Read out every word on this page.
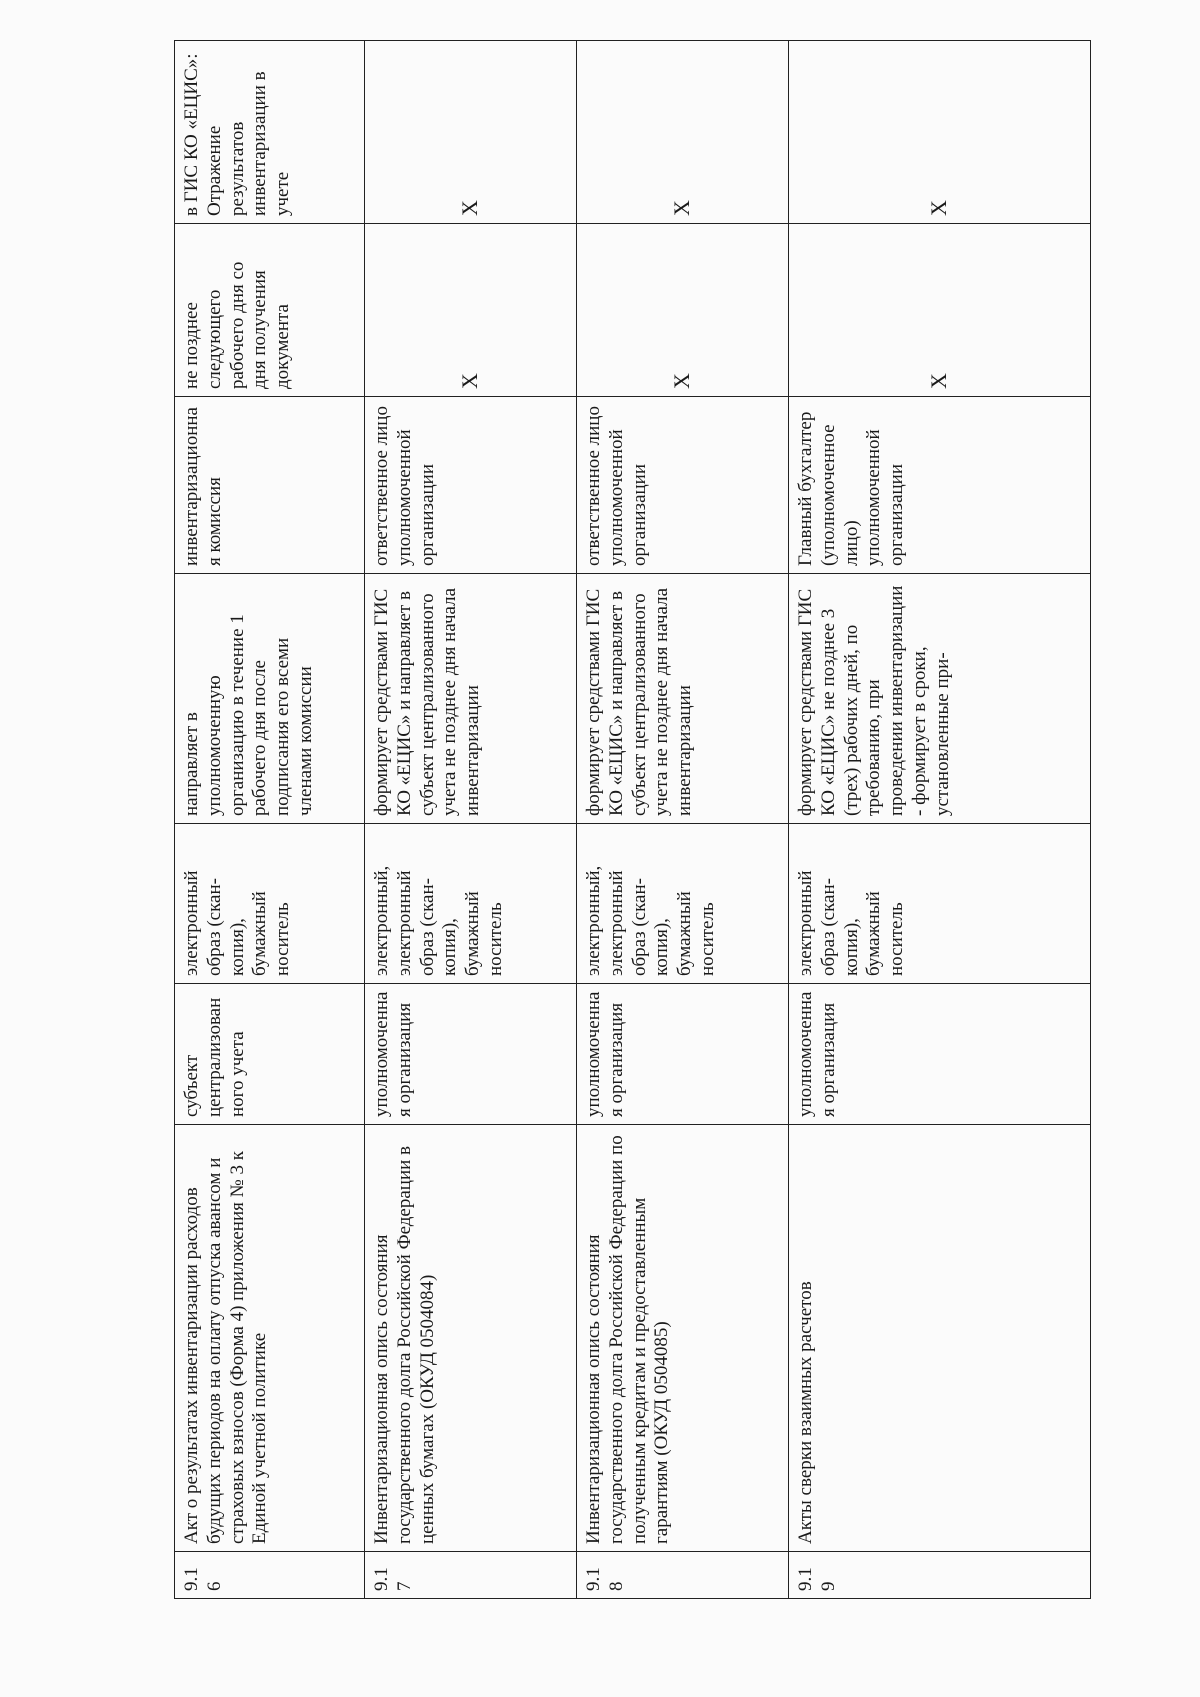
9.16	Акт о результатах инвентаризации расходов будущих периодов на оплату отпуска авансом и страховых взносов (Форма 4) приложения № 3 к Единой учетной политике	субъект централизованного учета	электронный образ (скан-копия), бумажный носитель	направляет в уполномоченную организацию в течение 1 рабочего дня после подписания его всеми членами комиссии	инвентаризационная комиссия	не позднее следующего рабочего дня со дня получения документа	в ГИС КО «ЕЦИС»: Отражение результатов инвентаризации в учете
9.17	Инвентаризационная опись состояния государственного долга Российской Федерации в ценных бумагах (ОКУД 0504084)	уполномоченная организация	электронный, электронный образ (скан-копия), бумажный носитель	формирует средствами ГИС КО «ЕЦИС» и направляет в субъект централизованного учета не позднее дня начала инвентаризации	ответственное лицо уполномоченной организации	X	X
9.18	Инвентаризационная опись состояния государственного долга Российской Федерации по полученным кредитам и предоставленным гарантиям (ОКУД 0504085)	уполномоченная организация	электронный, электронный образ (скан-копия), бумажный носитель	формирует средствами ГИС КО «ЕЦИС» и направляет в субъект централизованного учета не позднее дня начала инвентаризации	ответственное лицо уполномоченной организации	X	X
9.19	Акты сверки взаимных расчетов	уполномоченная организация	электронный образ (скан-копия), бумажный носитель	формирует средствами ГИС КО «ЕЦИС» не позднее 3 (трех) рабочих дней, по требованию, при проведении инвентаризации - формирует в сроки, установленные при-	Главный бухгалтер (уполномоченное лицо) уполномоченной организации	X	X
